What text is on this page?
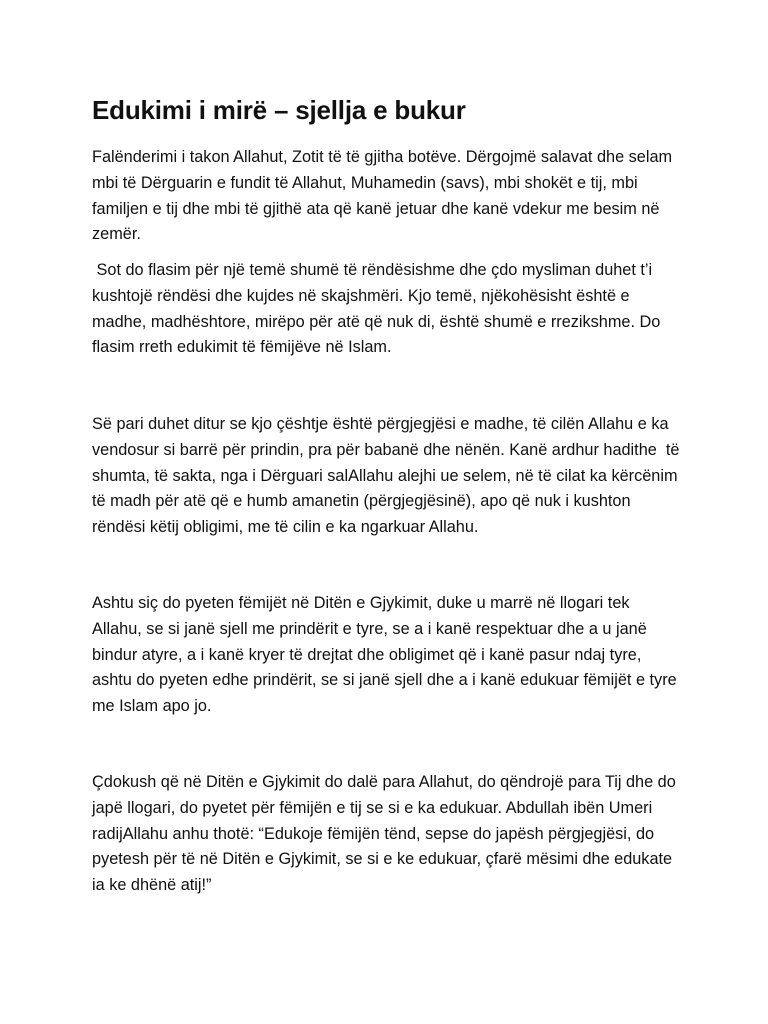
Edukimi i mirë – sjellja e bukur
Falënderimi i takon Allahut, Zotit të të gjitha botëve. Dërgojmë salavat dhe selam
mbi të Dërguarin e fundit të Allahut, Muhamedin (savs), mbi shokët e tij, mbi
familjen e tij dhe mbi të gjithë ata që kanë jetuar dhe kanë vdekur me besim në
zemër.
Sot do flasim për një temë shumë të rëndësishme dhe çdo mysliman duhet t’i
kushtojë rëndësi dhe kujdes në skajshmëri. Kjo temë, njëkohësisht është e
madhe, madhështore, mirëpo për atë që nuk di, është shumë e rrezikshme. Do
flasim rreth edukimit të fëmijëve në Islam.
Së pari duhet ditur se kjo çështje është përgjegjësi e madhe, të cilën Allahu e ka
vendosur si barrë për prindin, pra për babanë dhe nënën. Kanë ardhur hadithe  të
shumta, të sakta, nga i Dërguari salAllahu alejhi ue selem, në të cilat ka kërcënim
të madh për atë që e humb amanetin (përgjegjësinë), apo që nuk i kushton
rëndësi këtij obligimi, me të cilin e ka ngarkuar Allahu.
Ashtu siç do pyeten fëmijët në Ditën e Gjykimit, duke u marrë në llogari tek
Allahu, se si janë sjell me prindërit e tyre, se a i kanë respektuar dhe a u janë
bindur atyre, a i kanë kryer të drejtat dhe obligimet që i kanë pasur ndaj tyre,
ashtu do pyeten edhe prindërit, se si janë sjell dhe a i kanë edukuar fëmijët e tyre
me Islam apo jo.
Çdokush që në Ditën e Gjykimit do dalë para Allahut, do qëndrojë para Tij dhe do
japë llogari, do pyetet për fëmijën e tij se si e ka edukuar. Abdullah ibën Umeri
radijAllahu anhu thotë: “Edukoje fëmijën tënd, sepse do japësh përgjegjësi, do
pyetesh për të në Ditën e Gjykimit, se si e ke edukuar, çfarë mësimi dhe edukate
ia ke dhënë atij!”
